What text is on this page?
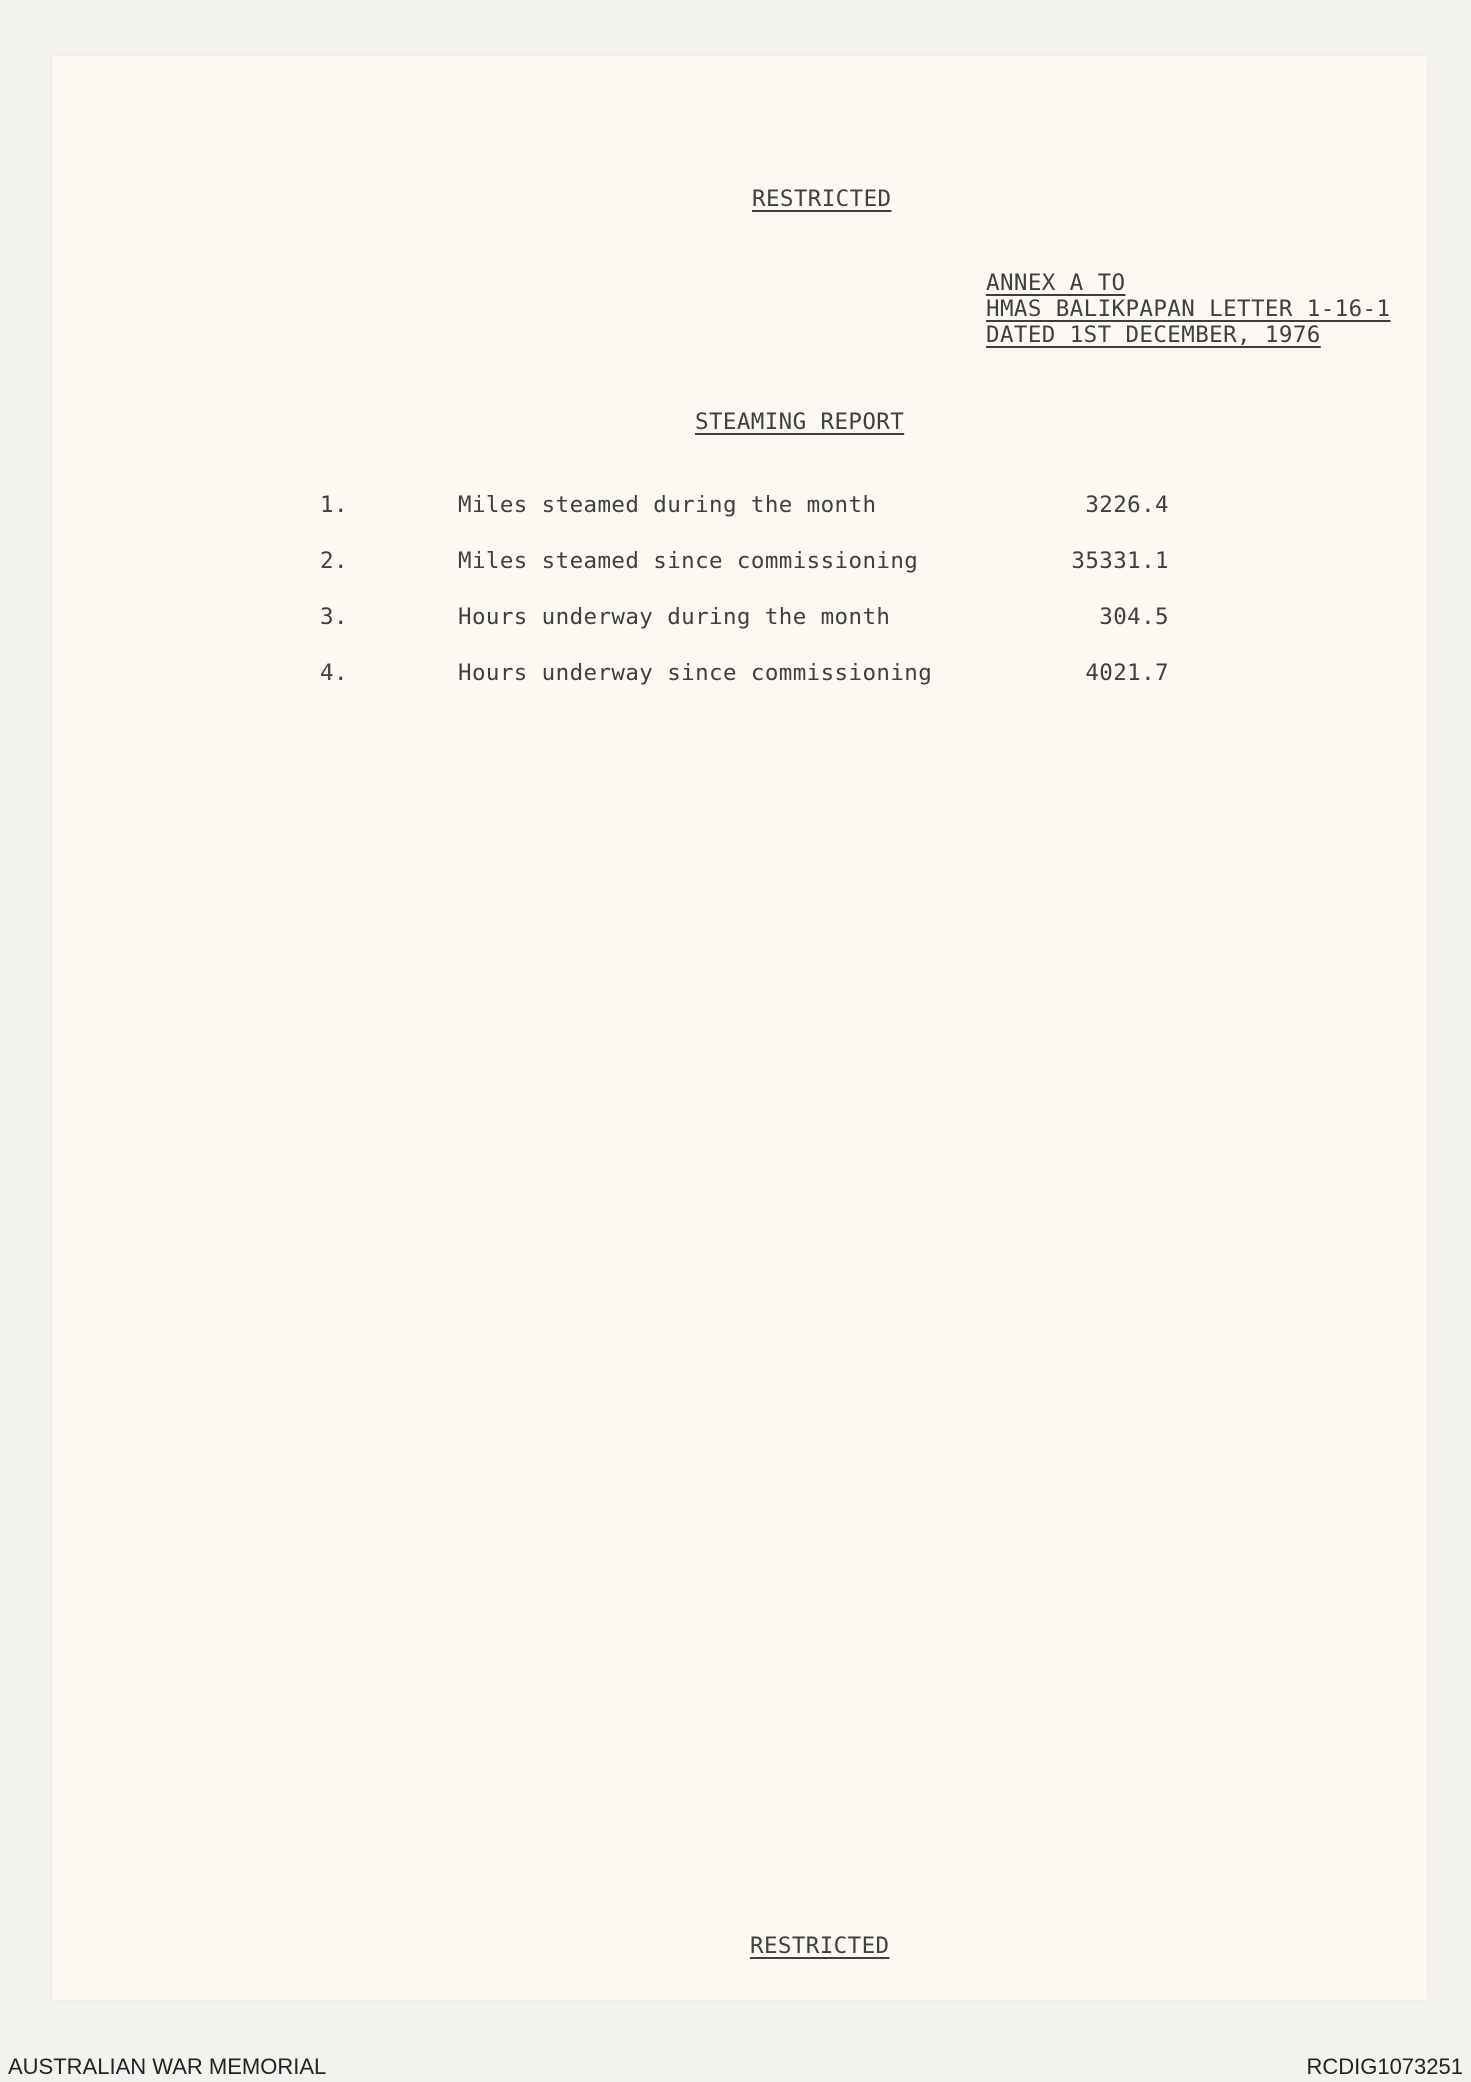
RESTRICTED
ANNEX A TO
HMAS BALIKPAPAN LETTER 1-16-1
DATED 1ST DECEMBER, 1976
STEAMING REPORT
1.	Miles steamed during the month	3226.4
2.	Miles steamed since commissioning	35331.1
3.	Hours underway during the month	304.5
4.	Hours underway since commissioning	4021.7
RESTRICTED
AUSTRALIAN WAR MEMORIAL	RCDIG1073251
